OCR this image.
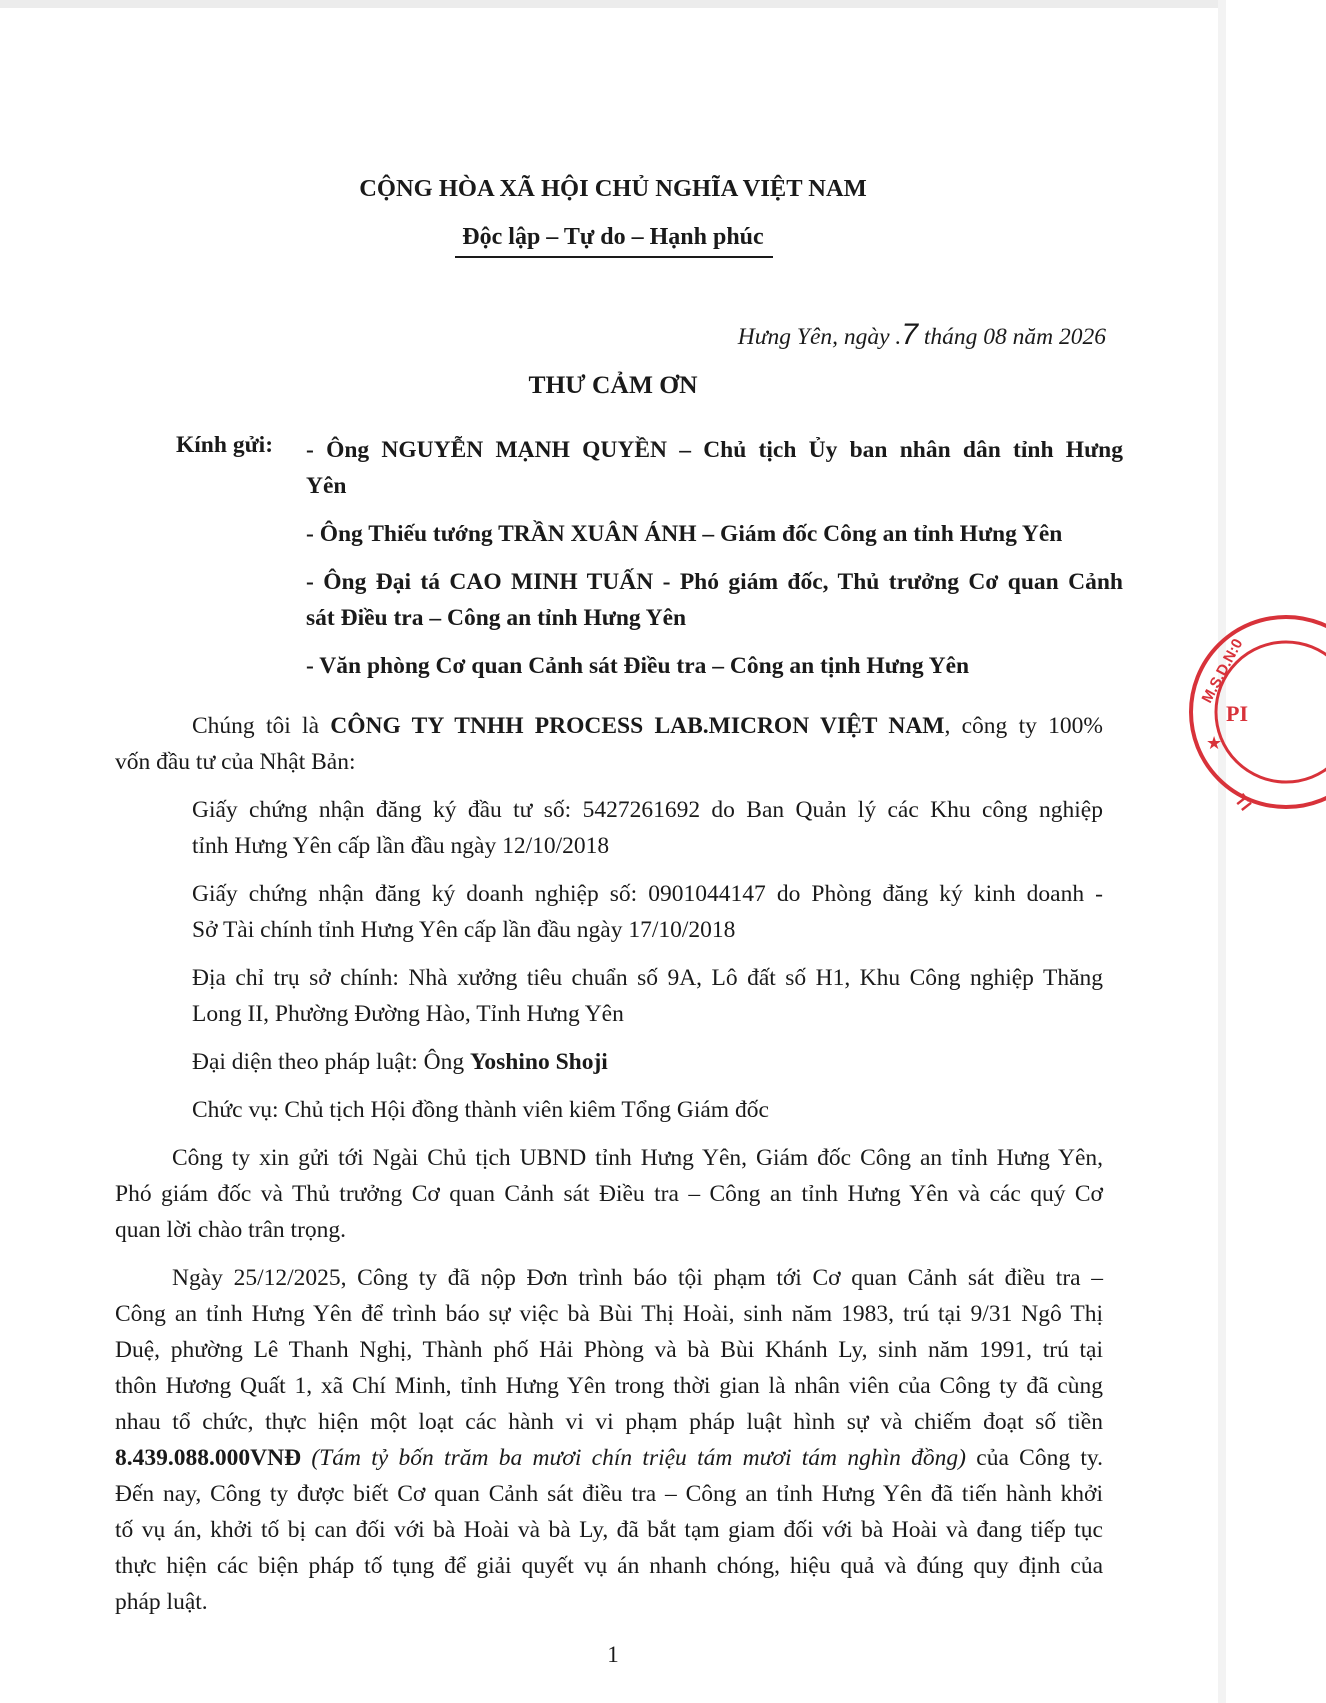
CỘNG HÒA XÃ HỘI CHỦ NGHĨA VIỆT NAM
Độc lập – Tự do – Hạnh phúc
Hưng Yên, ngày .7 tháng 08 năm 2026
THƯ CẢM ƠN
Kính gửi: - Ông NGUYỄN MẠNH QUYỀN – Chủ tịch Ủy ban nhân dân tỉnh Hưng
Yên
- Ông Thiếu tướng TRẦN XUÂN ÁNH – Giám đốc Công an tỉnh Hưng Yên
- Ông Đại tá CAO MINH TUẤN - Phó giám đốc, Thủ trưởng Cơ quan Cảnh
sát Điều tra – Công an tỉnh Hưng Yên
- Văn phòng Cơ quan Cảnh sát Điều tra – Công an tịnh Hưng Yên
Chúng tôi là CÔNG TY TNHH PROCESS LAB.MICRON VIỆT NAM, công ty 100%
vốn đầu tư của Nhật Bản:
Giấy chứng nhận đăng ký đầu tư số: 5427261692 do Ban Quản lý các Khu công nghiệp
tỉnh Hưng Yên cấp lần đầu ngày 12/10/2018
Giấy chứng nhận đăng ký doanh nghiệp số: 0901044147 do Phòng đăng ký kinh doanh -
Sở Tài chính tỉnh Hưng Yên cấp lần đầu ngày 17/10/2018
Địa chỉ trụ sở chính: Nhà xưởng tiêu chuẩn số 9A, Lô đất số H1, Khu Công nghiệp Thăng
Long II, Phường Đường Hào, Tỉnh Hưng Yên
Đại diện theo pháp luật: Ông Yoshino Shoji
Chức vụ: Chủ tịch Hội đồng thành viên kiêm Tổng Giám đốc
Công ty xin gửi tới Ngài Chủ tịch UBND tỉnh Hưng Yên, Giám đốc Công an tỉnh Hưng Yên,
Phó giám đốc và Thủ trưởng Cơ quan Cảnh sát Điều tra – Công an tỉnh Hưng Yên và các quý Cơ
quan lời chào trân trọng.
Ngày 25/12/2025, Công ty đã nộp Đơn trình báo tội phạm tới Cơ quan Cảnh sát điều tra –
Công an tỉnh Hưng Yên để trình báo sự việc bà Bùi Thị Hoài, sinh năm 1983, trú tại 9/31 Ngô Thị
Duệ, phường Lê Thanh Nghị, Thành phố Hải Phòng và bà Bùi Khánh Ly, sinh năm 1991, trú tại
thôn Hương Quất 1, xã Chí Minh, tỉnh Hưng Yên trong thời gian là nhân viên của Công ty đã cùng
nhau tổ chức, thực hiện một loạt các hành vi vi phạm pháp luật hình sự và chiếm đoạt số tiền
8.439.088.000VNĐ (Tám tỷ bốn trăm ba mươi chín triệu tám mươi tám nghìn đồng) của Công ty.
Đến nay, Công ty được biết Cơ quan Cảnh sát điều tra – Công an tỉnh Hưng Yên đã tiến hành khởi
tố vụ án, khởi tố bị can đối với bà Hoài và bà Ly, đã bắt tạm giam đối với bà Hoài và đang tiếp tục
thực hiện các biện pháp tố tụng để giải quyết vụ án nhanh chóng, hiệu quả và đúng quy định của
pháp luật.
1
M.S.D.N:0
PI
★
TỈ
